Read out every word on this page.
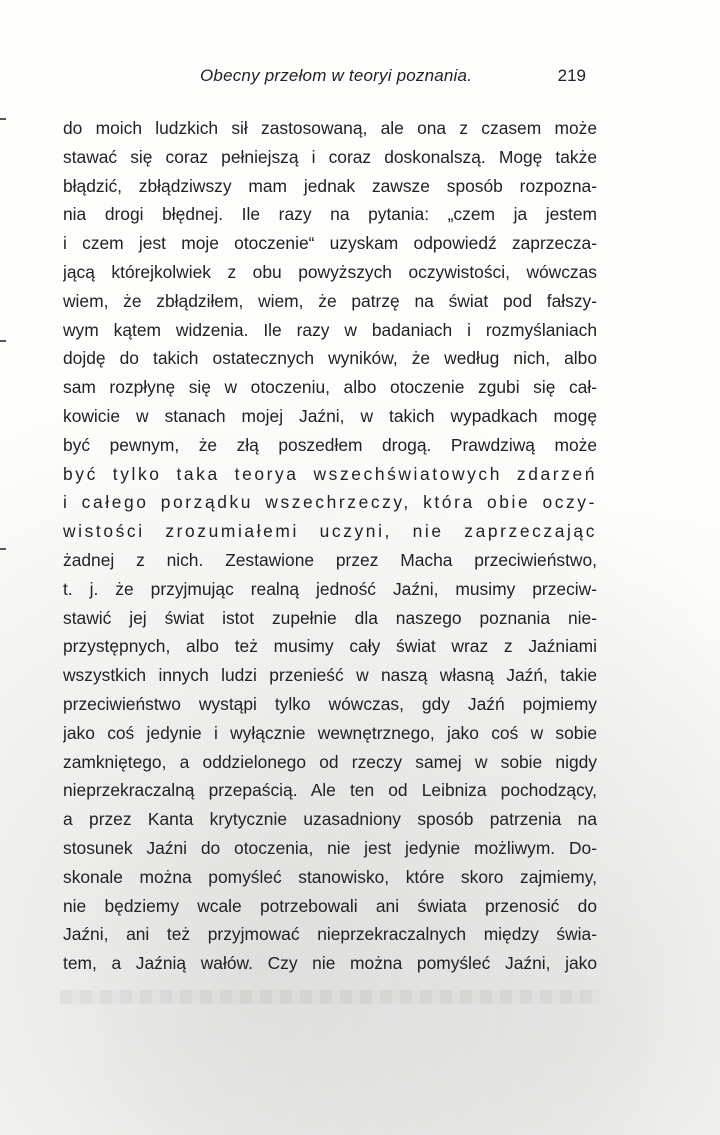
Obecny przełom w teoryi poznania.	219
do moich ludzkich sił zastosowaną, ale ona z czasem może
stawać się coraz pełniejszą i coraz doskonalszą. Mogę także
błądzić, zbłądziwszy mam jednak zawsze sposób rozpozna-
nia drogi błędnej. Ile razy na pytania: „czem ja jestem
i czem jest moje otoczenie“ uzyskam odpowiedź zaprzecza-
jącą którejkolwiek z obu powyższych oczywistości, wówczas
wiem, że zbłądziłem, wiem, że patrzę na świat pod fałszy-
wym kątem widzenia. Ile razy w badaniach i rozmyślaniach
dojdę do takich ostatecznych wyników, że według nich, albo
sam rozpłynę się w otoczeniu, albo otoczenie zgubi się cał-
kowicie w stanach mojej Jaźni, w takich wypadkach mogę
być pewnym, że złą poszedłem drogą. Prawdziwą może
być tylko taka teorya wszechświatowych zdarzeń
i całego porządku wszechrzeczy, która obie oczy-
wistości zrozumiałemi uczyni, nie zaprzeczając
żadnej z nich. Zestawione przez Macha przeciwieństwo,
t. j. że przyjmując realną jedność Jaźni, musimy przeciw-
stawić jej świat istot zupełnie dla naszego poznania nie-
przystępnych, albo też musimy cały świat wraz z Jaźniami
wszystkich innych ludzi przenieść w naszą własną Jaźń, takie
przeciwieństwo wystąpi tylko wówczas, gdy Jaźń pojmiemy
jako coś jedynie i wyłącznie wewnętrznego, jako coś w sobie
zamkniętego, a oddzielonego od rzeczy samej w sobie nigdy
nieprzekraczalną przepaścią. Ale ten od Leibniza pochodzący,
a przez Kanta krytycznie uzasadniony sposób patrzenia na
stosunek Jaźni do otoczenia, nie jest jedynie możliwym. Do-
skonale można pomyśleć stanowisko, które skoro zajmiemy,
nie będziemy wcale potrzebowali ani świata przenosić do
Jaźni, ani też przyjmować nieprzekraczalnych między świa-
tem, a Jaźnią wałów. Czy nie można pomyśleć Jaźni, jako
